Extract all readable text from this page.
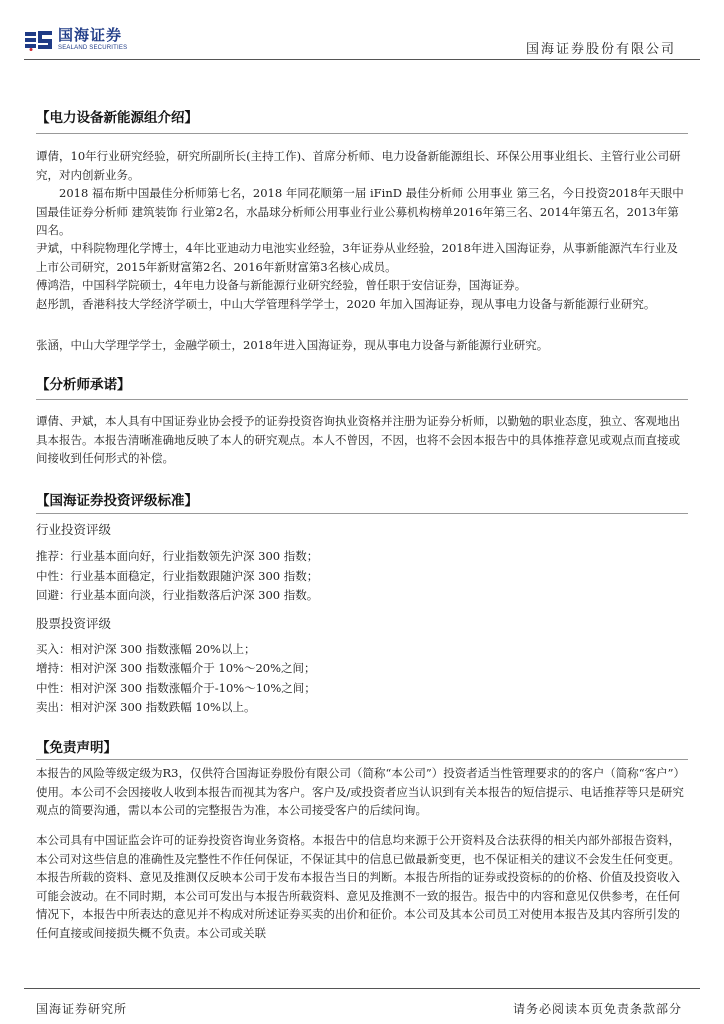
国海证券
SEALAND SECURITIES	国海证券股份有限公司
【电力设备新能源组介绍】

谭倩，10年行业研究经验，研究所副所长(主持工作)、首席分析师、电力设备新能源组长、环保公用事业组长、主管行业公司研究，对内创新业务。

2018 福布斯中国最佳分析师第七名，2018 年同花顺第一届 iFinD 最佳分析师 公用事业 第三名，今日投资2018年天眼中国最佳证券分析师 建筑装饰 行业第2名，水晶球分析师公用事业行业公募机构榜单2016年第三名、2014年第五名，2013年第四名。

尹斌，中科院物理化学博士，4年比亚迪动力电池实业经验，3年证券从业经验，2018年进入国海证券，从事新能源汽车行业及上市公司研究，2015年新财富第2名、2016年新财富第3名核心成员。

傅鸿浩，中国科学院硕士，4年电力设备与新能源行业研究经验，曾任职于安信证券，国海证券。

赵彤凯，香港科技大学经济学硕士，中山大学管理科学学士，2020 年加入国海证券，现从事电力设备与新能源行业研究。

张涵，中山大学理学学士，金融学硕士，2018年进入国海证券，现从事电力设备与新能源行业研究。

【分析师承诺】

谭倩、尹斌，本人具有中国证券业协会授予的证券投资咨询执业资格并注册为证券分析师，以勤勉的职业态度，独立、客观地出具本报告。本报告清晰准确地反映了本人的研究观点。本人不曾因，不因，也将不会因本报告中的具体推荐意见或观点而直接或间接收到任何形式的补偿。

【国海证券投资评级标准】
行业投资评级
推荐：行业基本面向好，行业指数领先沪深 300 指数；
中性：行业基本面稳定，行业指数跟随沪深 300 指数；
回避：行业基本面向淡，行业指数落后沪深 300 指数。
股票投资评级
买入：相对沪深 300 指数涨幅 20%以上；
增持：相对沪深 300 指数涨幅介于 10%～20%之间；
中性：相对沪深 300 指数涨幅介于-10%～10%之间；
卖出：相对沪深 300 指数跌幅 10%以上。
【免责声明】

本报告的风险等级定级为R3，仅供符合国海证券股份有限公司（简称“本公司”）投资者适当性管理要求的的客户（简称“客户”）使用。本公司不会因接收人收到本报告而视其为客户。客户及/或投资者应当认识到有关本报告的短信提示、电话推荐等只是研究观点的简要沟通，需以本公司的完整报告为准，本公司接受客户的后续问询。

本公司具有中国证监会许可的证券投资咨询业务资格。本报告中的信息均来源于公开资料及合法获得的相关内部外部报告资料，本公司对这些信息的准确性及完整性不作任何保证，不保证其中的信息已做最新变更，也不保证相关的建议不会发生任何变更。本报告所载的资料、意见及推测仅反映本公司于发布本报告当日的判断。本报告所指的证券或投资标的的价格、价值及投资收入可能会波动。在不同时期，本公司可发出与本报告所载资料、意见及推测不一致的报告。报告中的内容和意见仅供参考，在任何情况下，本报告中所表达的意见并不构成对所述证券买卖的出价和征价。本公司及其本公司员工对使用本报告及其内容所引发的任何直接或间接损失概不负责。本公司或关联

国海证券研究所	请务必阅读本页免责条款部分
